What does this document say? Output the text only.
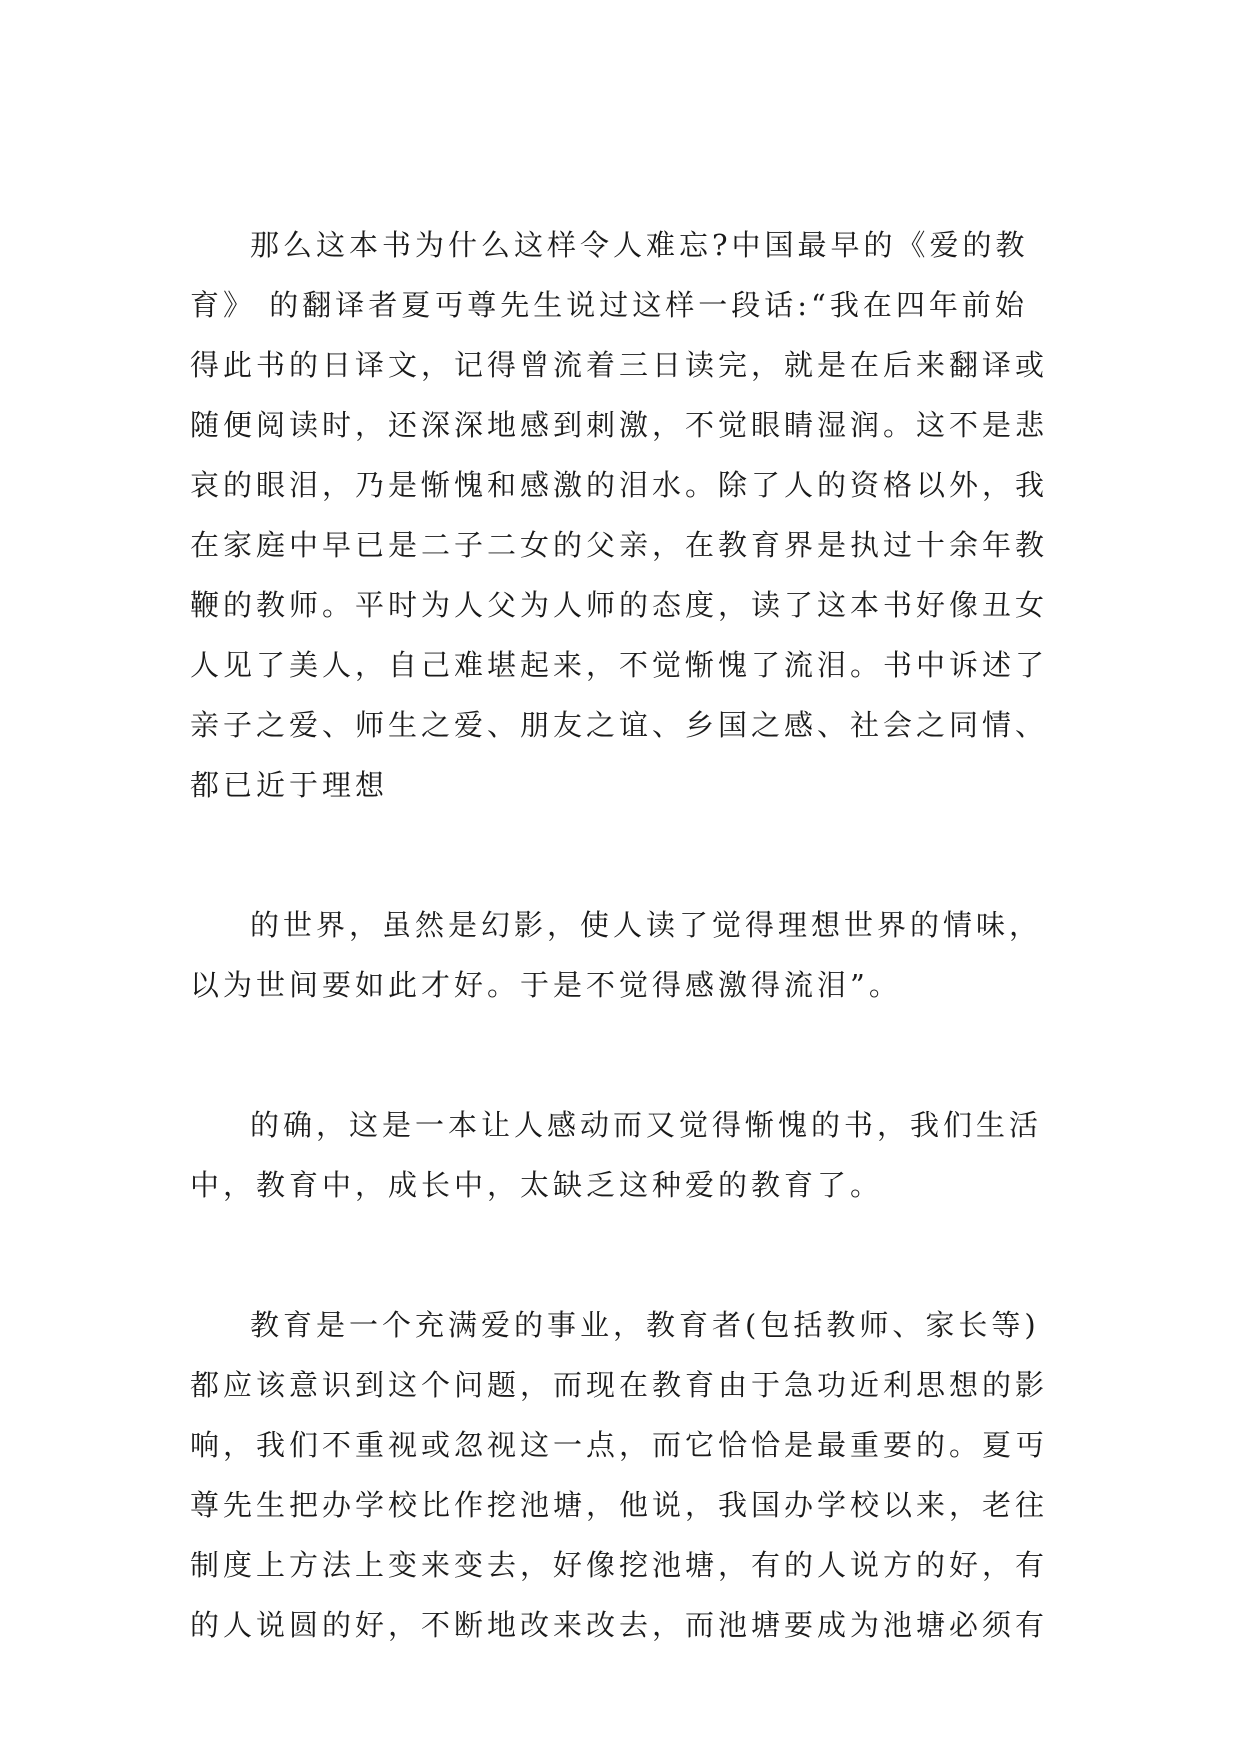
那么这本书为什么这样令人难忘?中国最早的《爱的教
育》 的翻译者夏丏尊先生说过这样一段话:“我在四年前始
得此书的日译文，记得曾流着三日读完，就是在后来翻译或
随便阅读时，还深深地感到刺激，不觉眼睛湿润。这不是悲
哀的眼泪，乃是惭愧和感激的泪水。除了人的资格以外，我
在家庭中早已是二子二女的父亲，在教育界是执过十余年教
鞭的教师。平时为人父为人师的态度，读了这本书好像丑女
人见了美人，自己难堪起来，不觉惭愧了流泪。书中诉述了
亲子之爱、师生之爱、朋友之谊、乡国之感、社会之同情、
都已近于理想
的世界，虽然是幻影，使人读了觉得理想世界的情味，
以为世间要如此才好。于是不觉得感激得流泪”。
的确，这是一本让人感动而又觉得惭愧的书，我们生活
中，教育中，成长中，太缺乏这种爱的教育了。
教育是一个充满爱的事业，教育者(包括教师、家长等)
都应该意识到这个问题，而现在教育由于急功近利思想的影
响，我们不重视或忽视这一点，而它恰恰是最重要的。夏丏
尊先生把办学校比作挖池塘，他说，我国办学校以来，老往
制度上方法上变来变去，好像挖池塘，有的人说方的好，有
的人说圆的好，不断地改来改去，而池塘要成为池塘必须有
